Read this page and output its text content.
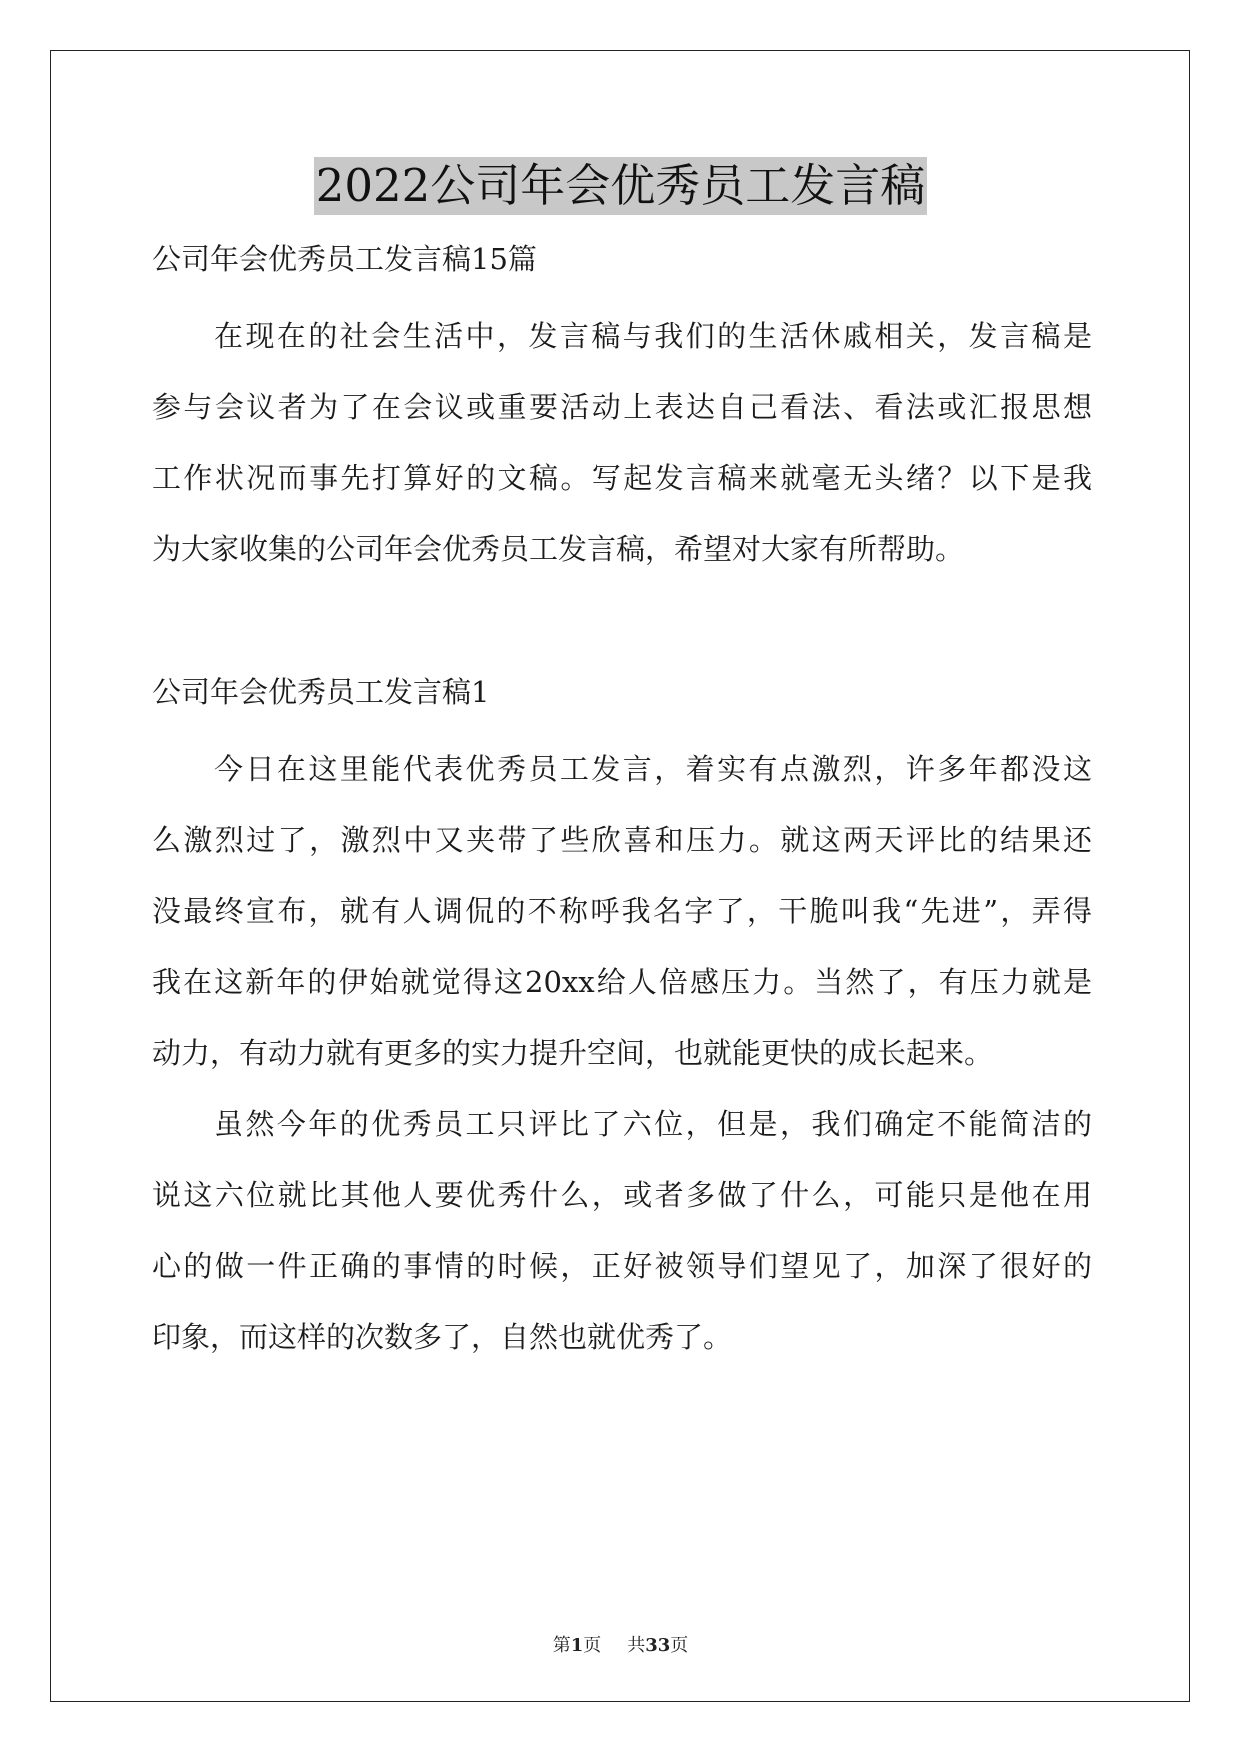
2022公司年会优秀员工发言稿
公司年会优秀员工发言稿15篇
在现在的社会生活中，发言稿与我们的生活休戚相关，发言稿是
参与会议者为了在会议或重要活动上表达自己看法、看法或汇报思想
工作状况而事先打算好的文稿。写起发言稿来就毫无头绪？以下是我
为大家收集的公司年会优秀员工发言稿，希望对大家有所帮助。
公司年会优秀员工发言稿1
今日在这里能代表优秀员工发言，着实有点激烈，许多年都没这
么激烈过了，激烈中又夹带了些欣喜和压力。就这两天评比的结果还
没最终宣布，就有人调侃的不称呼我名字了，干脆叫我“先进”，弄得
我在这新年的伊始就觉得这20xx给人倍感压力。当然了，有压力就是
动力，有动力就有更多的实力提升空间，也就能更快的成长起来。
虽然今年的优秀员工只评比了六位，但是，我们确定不能简洁的
说这六位就比其他人要优秀什么，或者多做了什么，可能只是他在用
心的做一件正确的事情的时候，正好被领导们望见了，加深了很好的
印象，而这样的次数多了，自然也就优秀了。
第1页 共33页
